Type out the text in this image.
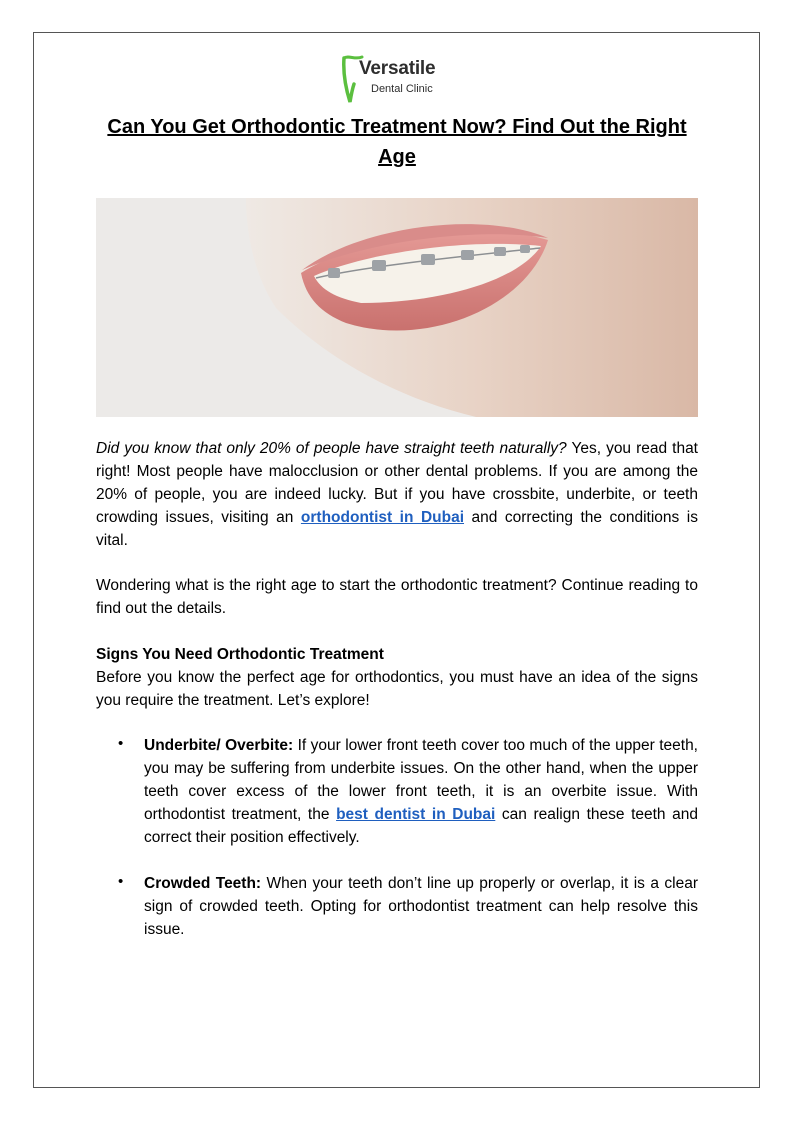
Versatile
Dental Clinic
Can You Get Orthodontic Treatment Now? Find Out the Right Age
Did you know that only 20% of people have straight teeth naturally? Yes, you read that right! Most people have malocclusion or other dental problems. If you are among the 20% of people, you are indeed lucky. But if you have crossbite, underbite, or teeth crowding issues, visiting an orthodontist in Dubai and correcting the conditions is vital.
Wondering what is the right age to start the orthodontic treatment? Continue reading to find out the details.
Signs You Need Orthodontic Treatment
Before you know the perfect age for orthodontics, you must have an idea of the signs you require the treatment. Let’s explore!
• Underbite/ Overbite: If your lower front teeth cover too much of the upper teeth, you may be suffering from underbite issues. On the other hand, when the upper teeth cover excess of the lower front teeth, it is an overbite issue. With orthodontist treatment, the best dentist in Dubai can realign these teeth and correct their position effectively.
• Crowded Teeth: When your teeth don’t line up properly or overlap, it is a clear sign of crowded teeth. Opting for orthodontist treatment can help resolve this issue.
